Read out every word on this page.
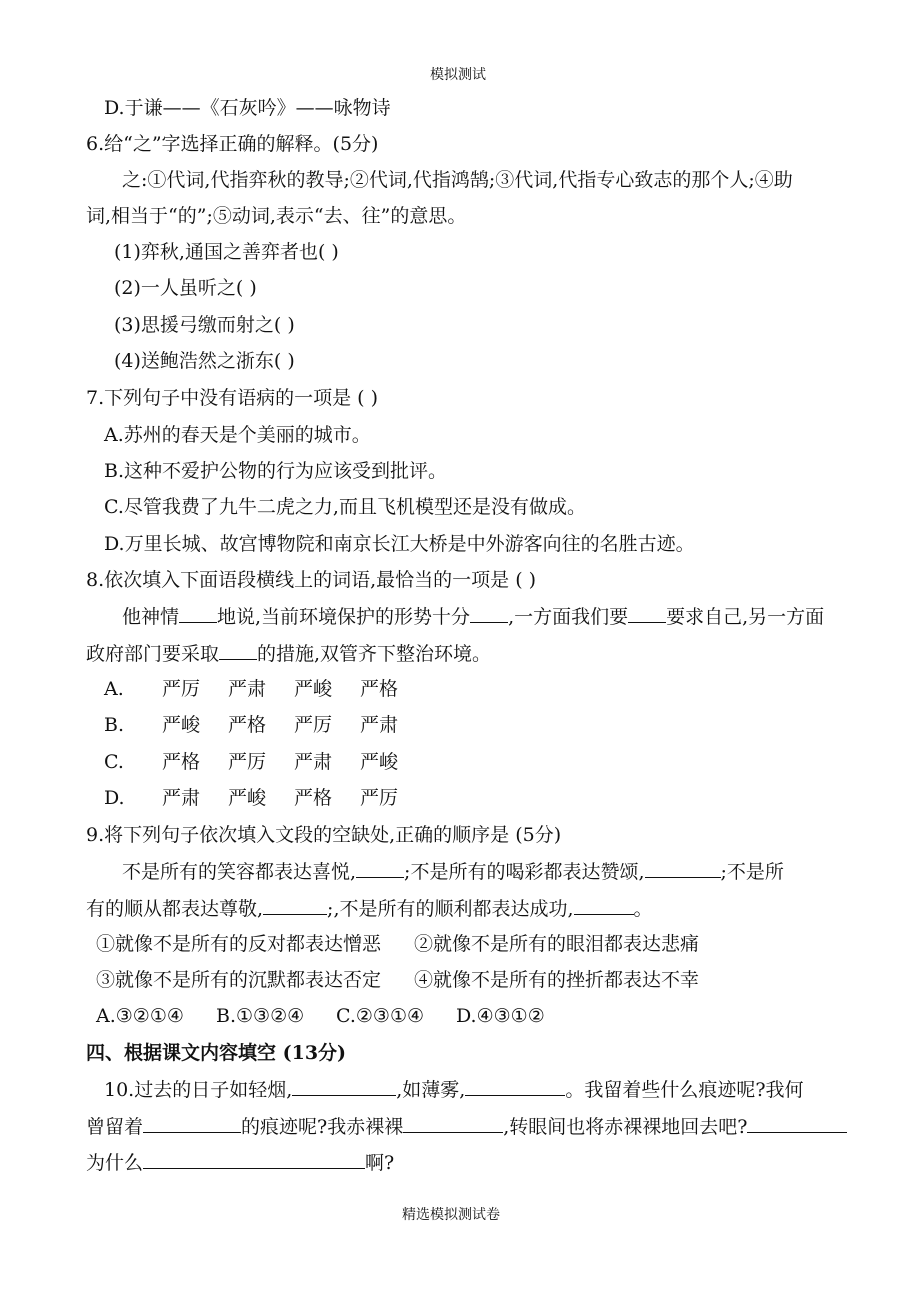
模拟测试
D.于谦——《石灰吟》——咏物诗
6.给“之”字选择正确的解释。(5分)
之:①代词,代指弈秋的教导;②代词,代指鸿鹄;③代词,代指专心致志的那个人;④助
词,相当于“的”;⑤动词,表示“去、往”的意思。
(1)弈秋,通国之善弈者也( )
(2)一人虽听之( )
(3)思援弓缴而射之( )
(4)送鲍浩然之浙东( )
7.下列句子中没有语病的一项是 ( )
A.苏州的春天是个美丽的城市。
B.这种不爱护公物的行为应该受到批评。
C.尽管我费了九牛二虎之力,而且飞机模型还是没有做成。
D.万里长城、故宫博物院和南京长江大桥是中外游客向往的名胜古迹。
8.依次填入下面语段横线上的词语,最恰当的一项是 ( )
他神情 地说,当前环境保护的形势十分 ,一方面我们要 要求自己,另一方面
政府部门要采取 的措施,双管齐下整治环境。
A. 严厉 严肃 严峻 严格
B. 严峻 严格 严厉 严肃
C. 严格 严厉 严肃 严峻
D. 严肃 严峻 严格 严厉
9.将下列句子依次填入文段的空缺处,正确的顺序是 (5分)
不是所有的笑容都表达喜悦,	;不是所有的喝彩都表达赞颂,	;不是所
有的顺从都表达尊敬,	;,不是所有的顺利都表达成功,	。
①就像不是所有的反对都表达憎恶 ②就像不是所有的眼泪都表达悲痛
③就像不是所有的沉默都表达否定 ④就像不是所有的挫折都表达不幸
A.③②①④ B.①③②④ C.②③①④ D.④③①②
四、根据课文内容填空 (13分)
10.过去的日子如轻烟,	,如薄雾,	。我留着些什么痕迹呢?我何
曾留着	的痕迹呢?我赤裸裸	,转眼间也将赤裸裸地回去吧?
为什么	啊?
精选模拟测试卷
